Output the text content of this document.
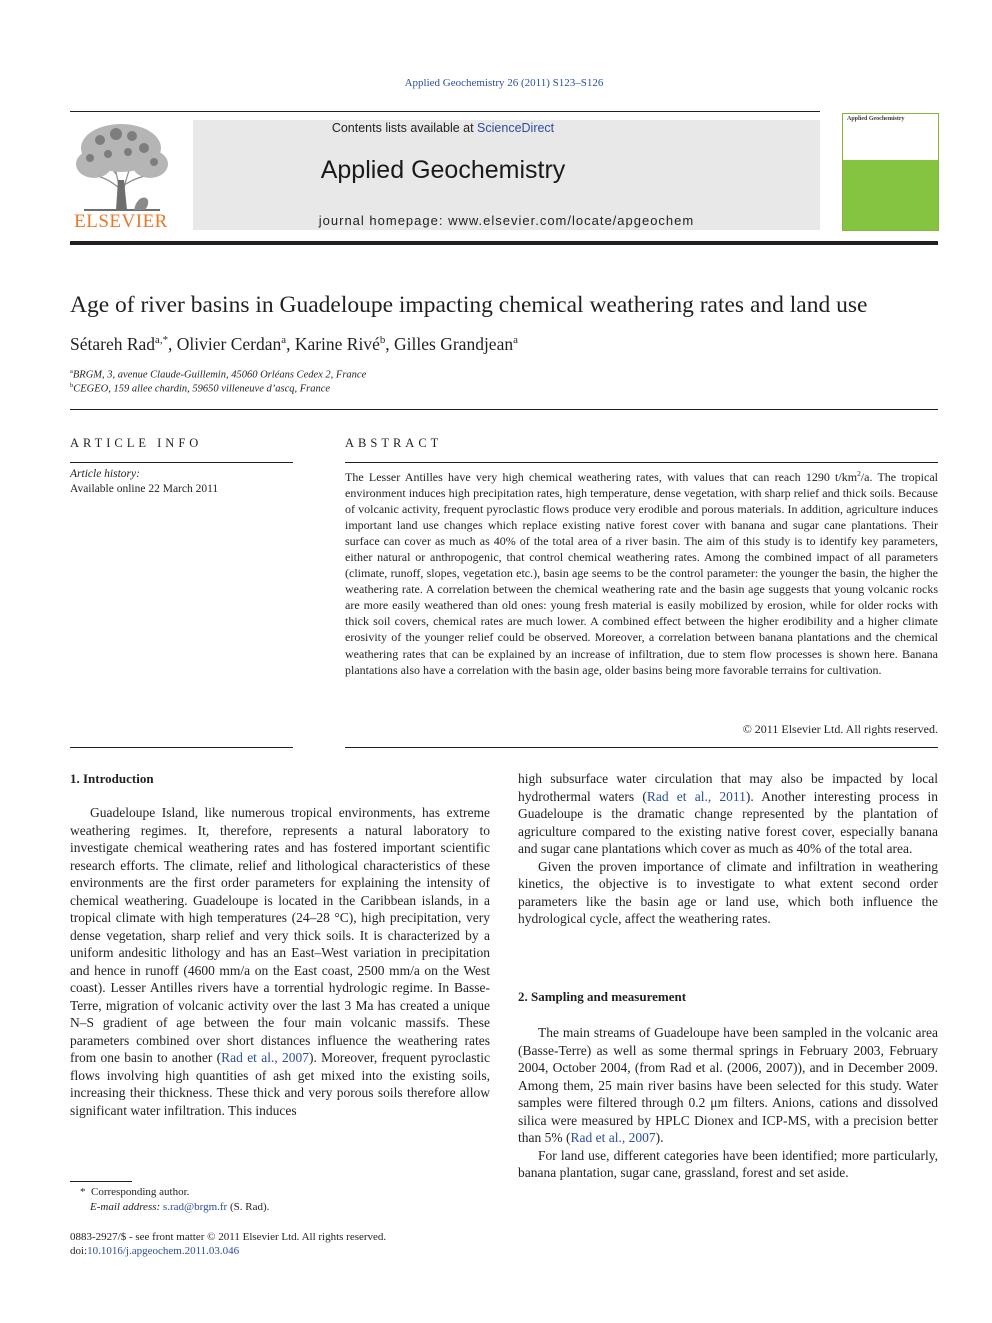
Applied Geochemistry 26 (2011) S123–S126
ELSEVIER
Contents lists available at ScienceDirect
Applied Geochemistry
journal homepage: www.elsevier.com/locate/apgeochem
Applied Geochemistry
Age of river basins in Guadeloupe impacting chemical weathering rates and land use
Sétareh Rad$^{a,*}$, Olivier Cerdan$^a$, Karine Rivé$^b$, Gilles Grandjean$^a$
$^a$BRGM, 3, avenue Claude-Guillemin, 45060 Orléans Cedex 2, France
$^b$CEGEO, 159 allee chardin, 59650 villeneuve d’ascq, France
ARTICLE INFO
Article history:
Available online 22 March 2011
ABSTRACT
The Lesser Antilles have very high chemical weathering rates, with values that can reach 1290 $t/km^2/a$. The tropical environment induces high precipitation rates, high temperature, dense vegetation, with sharp relief and thick soils. Because of volcanic activity, frequent pyroclastic flows produce very erodible and porous materials. In addition, agriculture induces important land use changes which replace existing native forest cover with banana and sugar cane plantations. Their surface can cover as much as 40% of the total area of a river basin. The aim of this study is to identify key parameters, either natural or anthropogenic, that control chemical weathering rates. Among the combined impact of all parameters (climate, runoff, slopes, vegetation etc.), basin age seems to be the control parameter: the younger the basin, the higher the weathering rate. A correlation between the chemical weathering rate and the basin age suggests that young volcanic rocks are more easily weathered than old ones: young fresh material is easily mobilized by erosion, while for older rocks with thick soil covers, chemical rates are much lower. A combined effect between the higher erodibility and a higher climate erosivity of the younger relief could be observed. Moreover, a correlation between banana plantations and the chemical weathering rates that can be explained by an increase of infiltration, due to stem flow processes is shown here. Banana plantations also have a correlation with the basin age, older basins being more favorable terrains for cultivation.
© 2011 Elsevier Ltd. All rights reserved.
1. Introduction

Guadeloupe Island, like numerous tropical environments, has extreme weathering regimes. It, therefore, represents a natural laboratory to investigate chemical weathering rates and has fostered important scientific research efforts. The climate, relief and lithological characteristics of these environments are the first order parameters for explaining the intensity of chemical weathering. Guadeloupe is located in the Caribbean islands, in a tropical climate with high temperatures (24–28 °C), high precipitation, very dense vegetation, sharp relief and very thick soils. It is characterized by a uniform andesitic lithology and has an East–West variation in precipitation and hence in runoff (4600 mm/a on the East coast, 2500 mm/a on the West coast). Lesser Antilles rivers have a torrential hydrologic regime. In Basse-Terre, migration of volcanic activity over the last 3 Ma has created a unique N–S gradient of age between the four main volcanic massifs. These parameters combined over short distances influence the weathering rates from one basin to another (Rad et al., 2007). Moreover, frequent pyroclastic flows involving high quantities of ash get mixed into the existing soils, increasing their thickness. These thick and very porous soils therefore allow significant water infiltration. This induces

high subsurface water circulation that may also be impacted by local hydrothermal waters (Rad et al., 2011). Another interesting process in Guadeloupe is the dramatic change represented by the plantation of agriculture compared to the existing native forest cover, especially banana and sugar cane plantations which cover as much as 40% of the total area.

Given the proven importance of climate and infiltration in weathering kinetics, the objective is to investigate to what extent second order parameters like the basin age or land use, which both influence the hydrological cycle, affect the weathering rates.

2. Sampling and measurement

The main streams of Guadeloupe have been sampled in the volcanic area (Basse-Terre) as well as some thermal springs in February 2003, February 2004, October 2004, (from Rad et al. (2006, 2007)), and in December 2009. Among them, 25 main river basins have been selected for this study. Water samples were filtered through 0.2 μm filters. Anions, cations and dissolved silica were measured by HPLC Dionex and ICP-MS, with a precision better than 5% (Rad et al., 2007).

For land use, different categories have been identified; more particularly, banana plantation, sugar cane, grassland, forest and set aside.

* Corresponding author.
E-mail address: s.rad@brgm.fr (S. Rad).
0883-2927/$ - see front matter © 2011 Elsevier Ltd. All rights reserved.
doi:10.1016/j.apgeochem.2011.03.046
